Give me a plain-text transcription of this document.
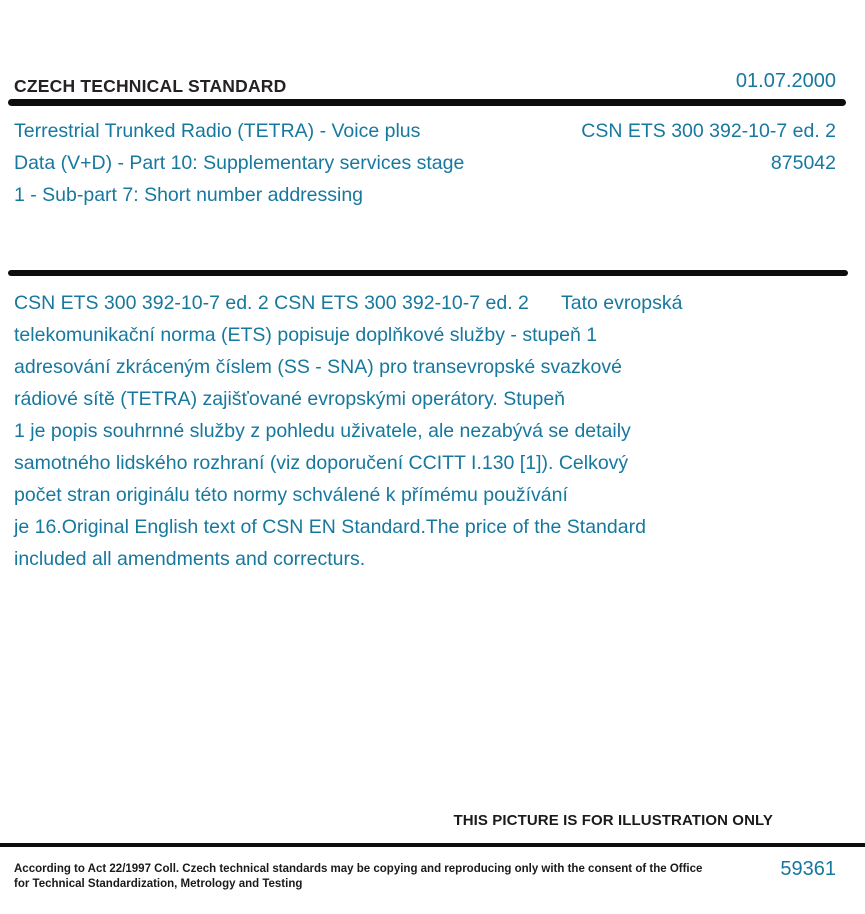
CZECH TECHNICAL STANDARD	01.07.2000
Terrestrial Trunked Radio (TETRA) - Voice plus
Data (V+D) - Part 10: Supplementary services stage
1 - Sub-part 7: Short number addressing
CSN ETS 300 392-10-7 ed. 2
875042
CSN ETS 300 392-10-7 ed. 2 CSN ETS 300 392-10-7 ed. 2      Tato evropská
telekomunikační norma (ETS) popisuje doplňkové služby - stupeň 1
adresování zkráceným číslem (SS - SNA) pro transevropské svazkové
rádiové sítě (TETRA) zajišťované evropskými operátory. Stupeň
1 je popis souhrnné služby z pohledu uživatele, ale nezabývá se detaily
samotného lidského rozhraní (viz doporučení CCITT I.130 [1]). Celkový
počet stran originálu této normy schválené k přímému používání
je 16.Original English text of CSN EN Standard.The price of the Standard
included all amendments and correcturs.
THIS PICTURE IS FOR ILLUSTRATION ONLY
According to Act 22/1997 Coll. Czech technical standards may be copying and reproducing only with the consent of the Office
for Technical Standardization, Metrology and Testing
59361
